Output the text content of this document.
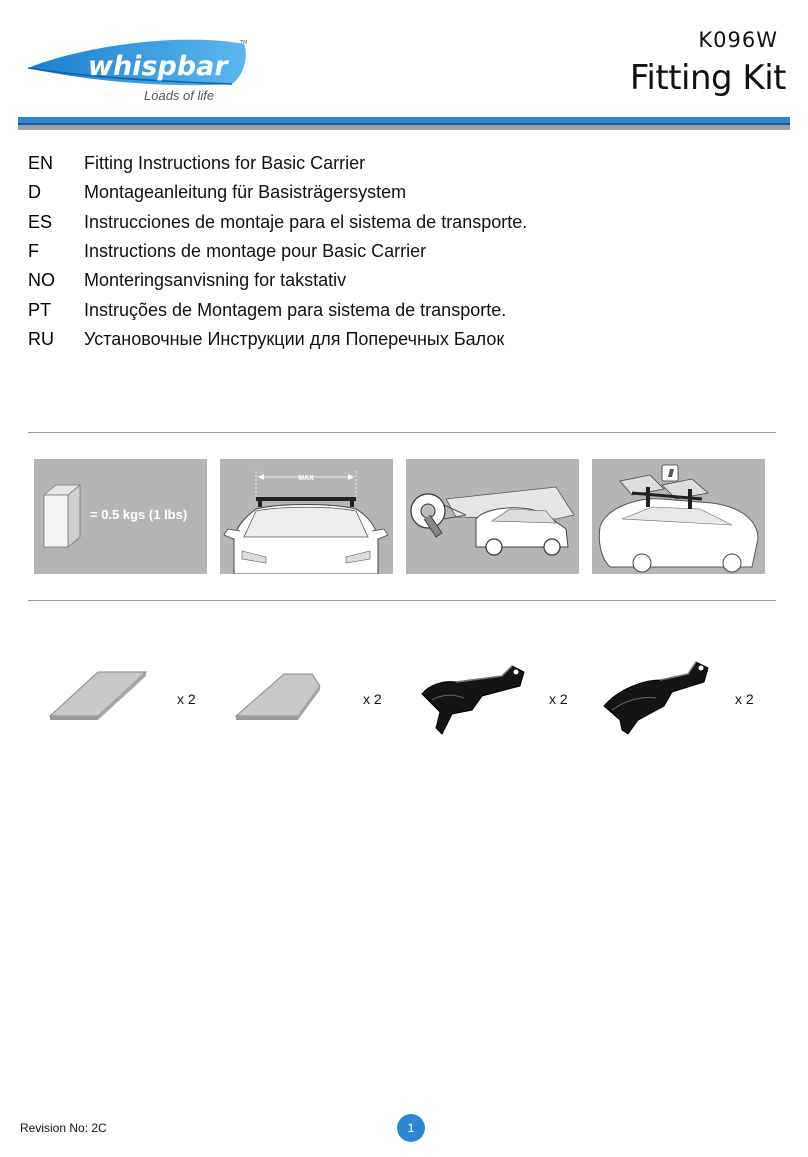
whispbar
TM
Loads of life
K096W
Fitting Kit
EN	Fitting Instructions for Basic Carrier
D	Montageanleitung für Basisträgersystem
ES	Instrucciones de montaje para el sistema de transporte.
F	Instructions de montage pour Basic Carrier
NO	Monteringsanvisning for takstativ
PT	Instruções de Montagem para sistema de transporte.
RU	Установочные Инструкции для Поперечных Балок
= 0.5 kgs (1 lbs)
MAX
x 2	x 2	x 2	x 2
Revision No: 2C	1
